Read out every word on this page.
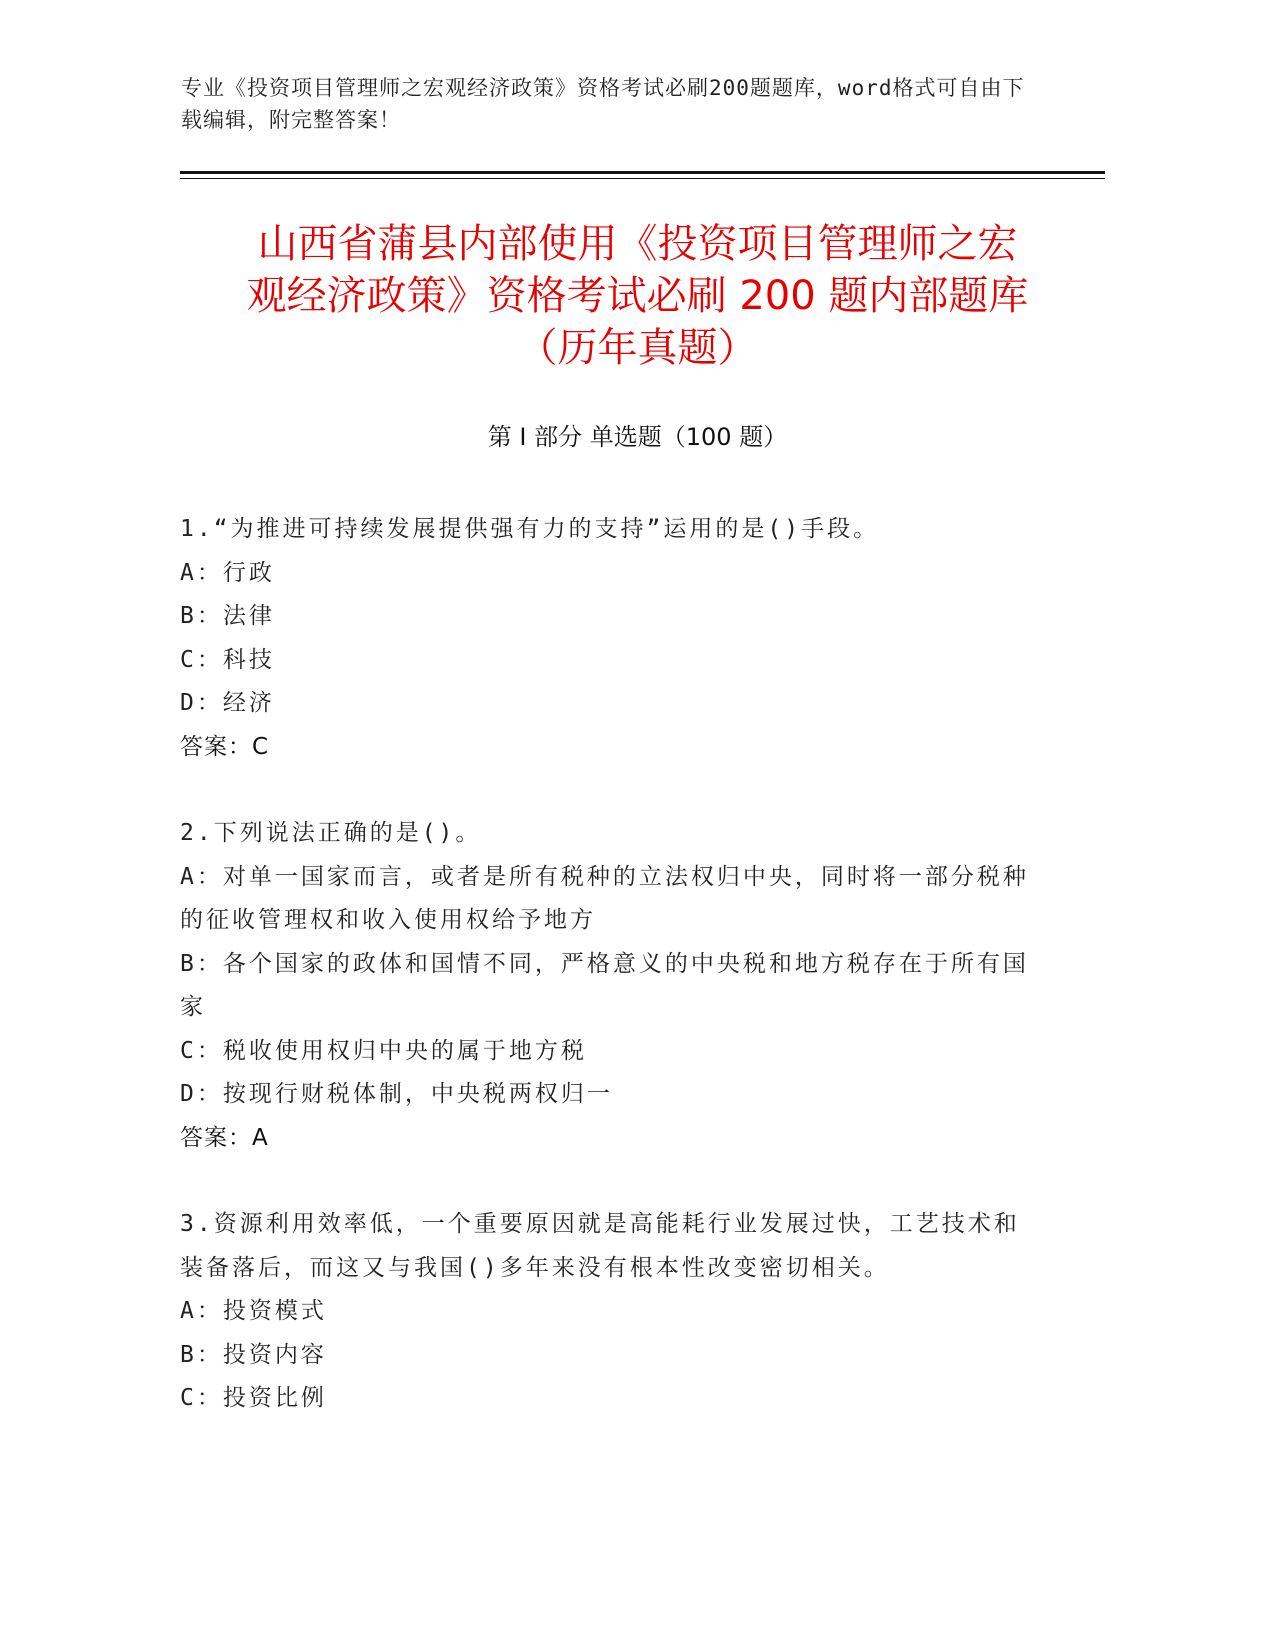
专业《投资项目管理师之宏观经济政策》资格考试必刷200题题库，word格式可自由下载编辑，附完整答案！
山西省蒲县内部使用《投资项目管理师之宏
观经济政策》资格考试必刷 200 题内部题库
（历年真题）
第 I 部分 单选题（100 题）
1.“为推进可持续发展提供强有力的支持”运用的是()手段。
A：行政
B：法律
C：科技
D：经济
答案：C
2.下列说法正确的是()。
A：对单一国家而言，或者是所有税种的立法权归中央，同时将一部分税种的征收管理权和收入使用权给予地方
B：各个国家的政体和国情不同，严格意义的中央税和地方税存在于所有国家
C：税收使用权归中央的属于地方税
D：按现行财税体制，中央税两权归一
答案：A
3.资源利用效率低，一个重要原因就是高能耗行业发展过快，工艺技术和装备落后，而这又与我国()多年来没有根本性改变密切相关。
A：投资模式
B：投资内容
C：投资比例
